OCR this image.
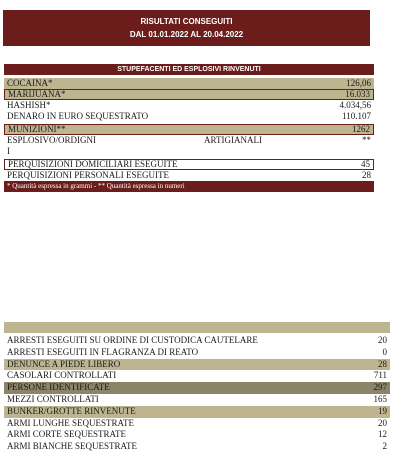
RISULTATI CONSEGUITI
DAL 01.01.2022 AL 20.04.2022
STUPEFACENTI ED ESPLOSIVI RINVENUTI
COCAINA*	126,06
MARIJUANA*	16.033
HASHISH*	4.034,56
DENARO IN EURO SEQUESTRATO	110.107
MUNIZIONI**	1262
ESPLOSIVO/ORDIGNI
I
ARTIGIANALI	**
PERQUISIZIONI DOMICILIARI ESEGUITE	45
PERQUISIZIONI PERSONALI ESEGUITE	28
* Quantità espressa in grammi - ** Quantità espressa in numeri
ARRESTI ESEGUITI SU ORDINE DI CUSTODICA CAUTELARE	20
ARRESTI ESEGUITI IN FLAGRANZA DI REATO	0
DENUNCE A PIEDE LIBERO	28
CASOLARI CONTROLLATI	711
PERSONE IDENTIFICATE	297
MEZZI CONTROLLATI	165
BUNKER/GROTTE RINVENUTE	19
ARMI LUNGHE SEQUESTRATE	20
ARMI CORTE SEQUESTRATE	12
ARMI BIANCHE SEQUESTRATE	2
